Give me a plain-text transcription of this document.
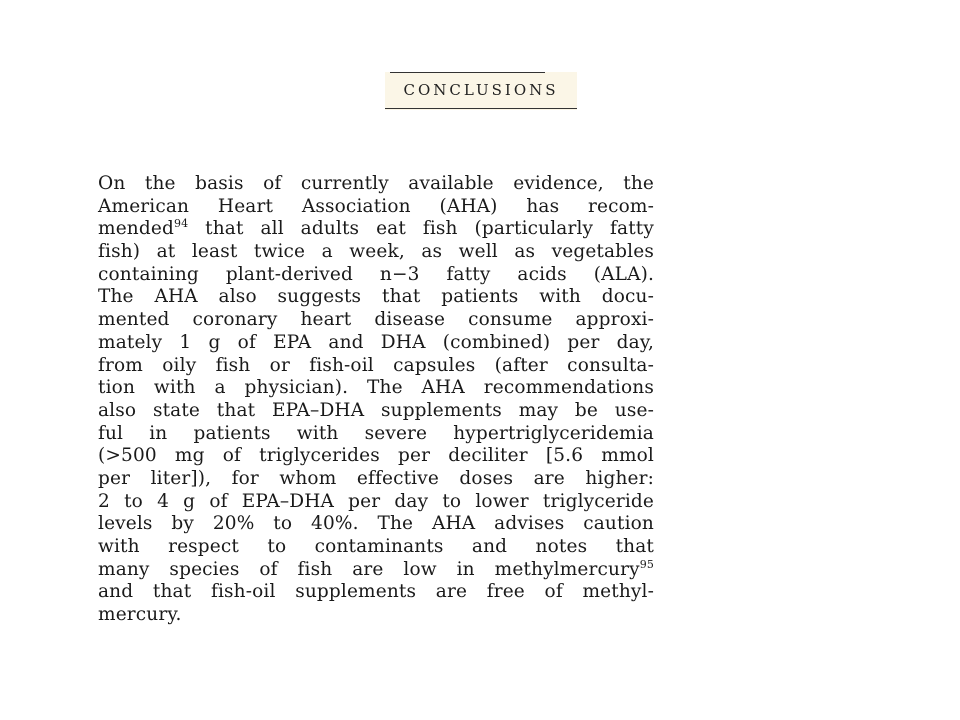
CONCLUSIONS
On the basis of currently available evidence, the
American Heart Association (AHA) has recom-
mended$^{94}$ that all adults eat fish (particularly fatty
fish) at least twice a week, as well as vegetables
containing plant-derived n−3 fatty acids (ALA).
The AHA also suggests that patients with docu-
mented coronary heart disease consume approxi-
mately 1 g of EPA and DHA (combined) per day,
from oily fish or fish-oil capsules (after consulta-
tion with a physician). The AHA recommendations
also state that EPA–DHA supplements may be use-
ful in patients with severe hypertriglyceridemia
(>500 mg of triglycerides per deciliter [5.6 mmol
per liter]), for whom effective doses are higher:
2 to 4 g of EPA–DHA per day to lower triglyceride
levels by 20% to 40%. The AHA advises caution
with respect to contaminants and notes that
many species of fish are low in methylmercury$^{95}$
and that fish-oil supplements are free of methyl-
mercury.
